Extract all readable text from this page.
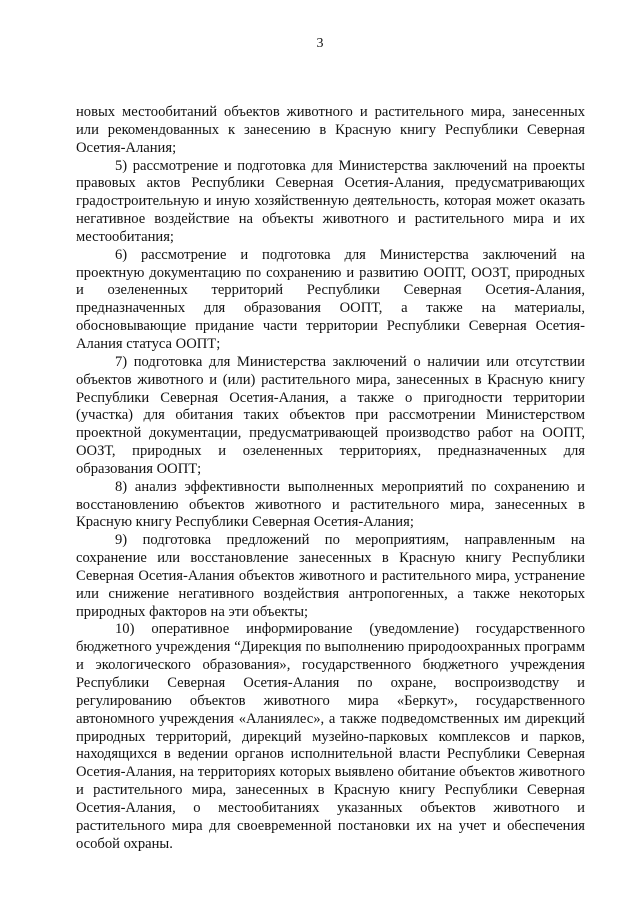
3

новых местообитаний объектов животного и растительного мира, занесенных или рекомендованных к занесению в Красную книгу Республики Северная Осетия-Алания;

5) рассмотрение и подготовка для Министерства заключений на проекты правовых актов Республики Северная Осетия-Алания, предусматривающих градостроительную и иную хозяйственную деятельность, которая может оказать негативное воздействие на объекты животного и растительного мира и их местообитания;

6) рассмотрение и подготовка для Министерства заключений на проектную документацию по сохранению и развитию ООПТ, ООЗТ, природных и озелененных территорий Республики Северная Осетия-Алания, предназначенных для образования ООПТ, а также на материалы, обосновывающие придание части территории Республики Северная Осетия-Алания статуса ООПТ;

7) подготовка для Министерства заключений о наличии или отсутствии объектов животного и (или) растительного мира, занесенных в Красную книгу Республики Северная Осетия-Алания, а также о пригодности территории (участка) для обитания таких объектов при рассмотрении Министерством проектной документации, предусматривающей производство работ на ООПТ, ООЗТ, природных и озелененных территориях, предназначенных для образования ООПТ;

8) анализ эффективности выполненных мероприятий по сохранению и восстановлению объектов животного и растительного мира, занесенных в Красную книгу Республики Северная Осетия-Алания;

9) подготовка предложений по мероприятиям, направленным на сохранение или восстановление занесенных в Красную книгу Республики Северная Осетия-Алания объектов животного и растительного мира, устранение или снижение негативного воздействия антропогенных, а также некоторых природных факторов на эти объекты;

10) оперативное информирование (уведомление) государственного бюджетного учреждения “Дирекция по выполнению природоохранных программ и экологического образования», государственного бюджетного учреждения Республики Северная Осетия-Алания по охране, воспроизводству и регулированию объектов животного мира «Беркут», государственного автономного учреждения «Аланиялес», а также подведомственных им дирекций природных территорий, дирекций музейно-парковых комплексов и парков, находящихся в ведении органов исполнительной власти Республики Северная Осетия-Алания, на территориях которых выявлено обитание объектов животного и растительного мира, занесенных в Красную книгу Республики Северная Осетия-Алания, о местообитаниях указанных объектов животного и растительного мира для своевременной постановки их на учет и обеспечения особой охраны.
